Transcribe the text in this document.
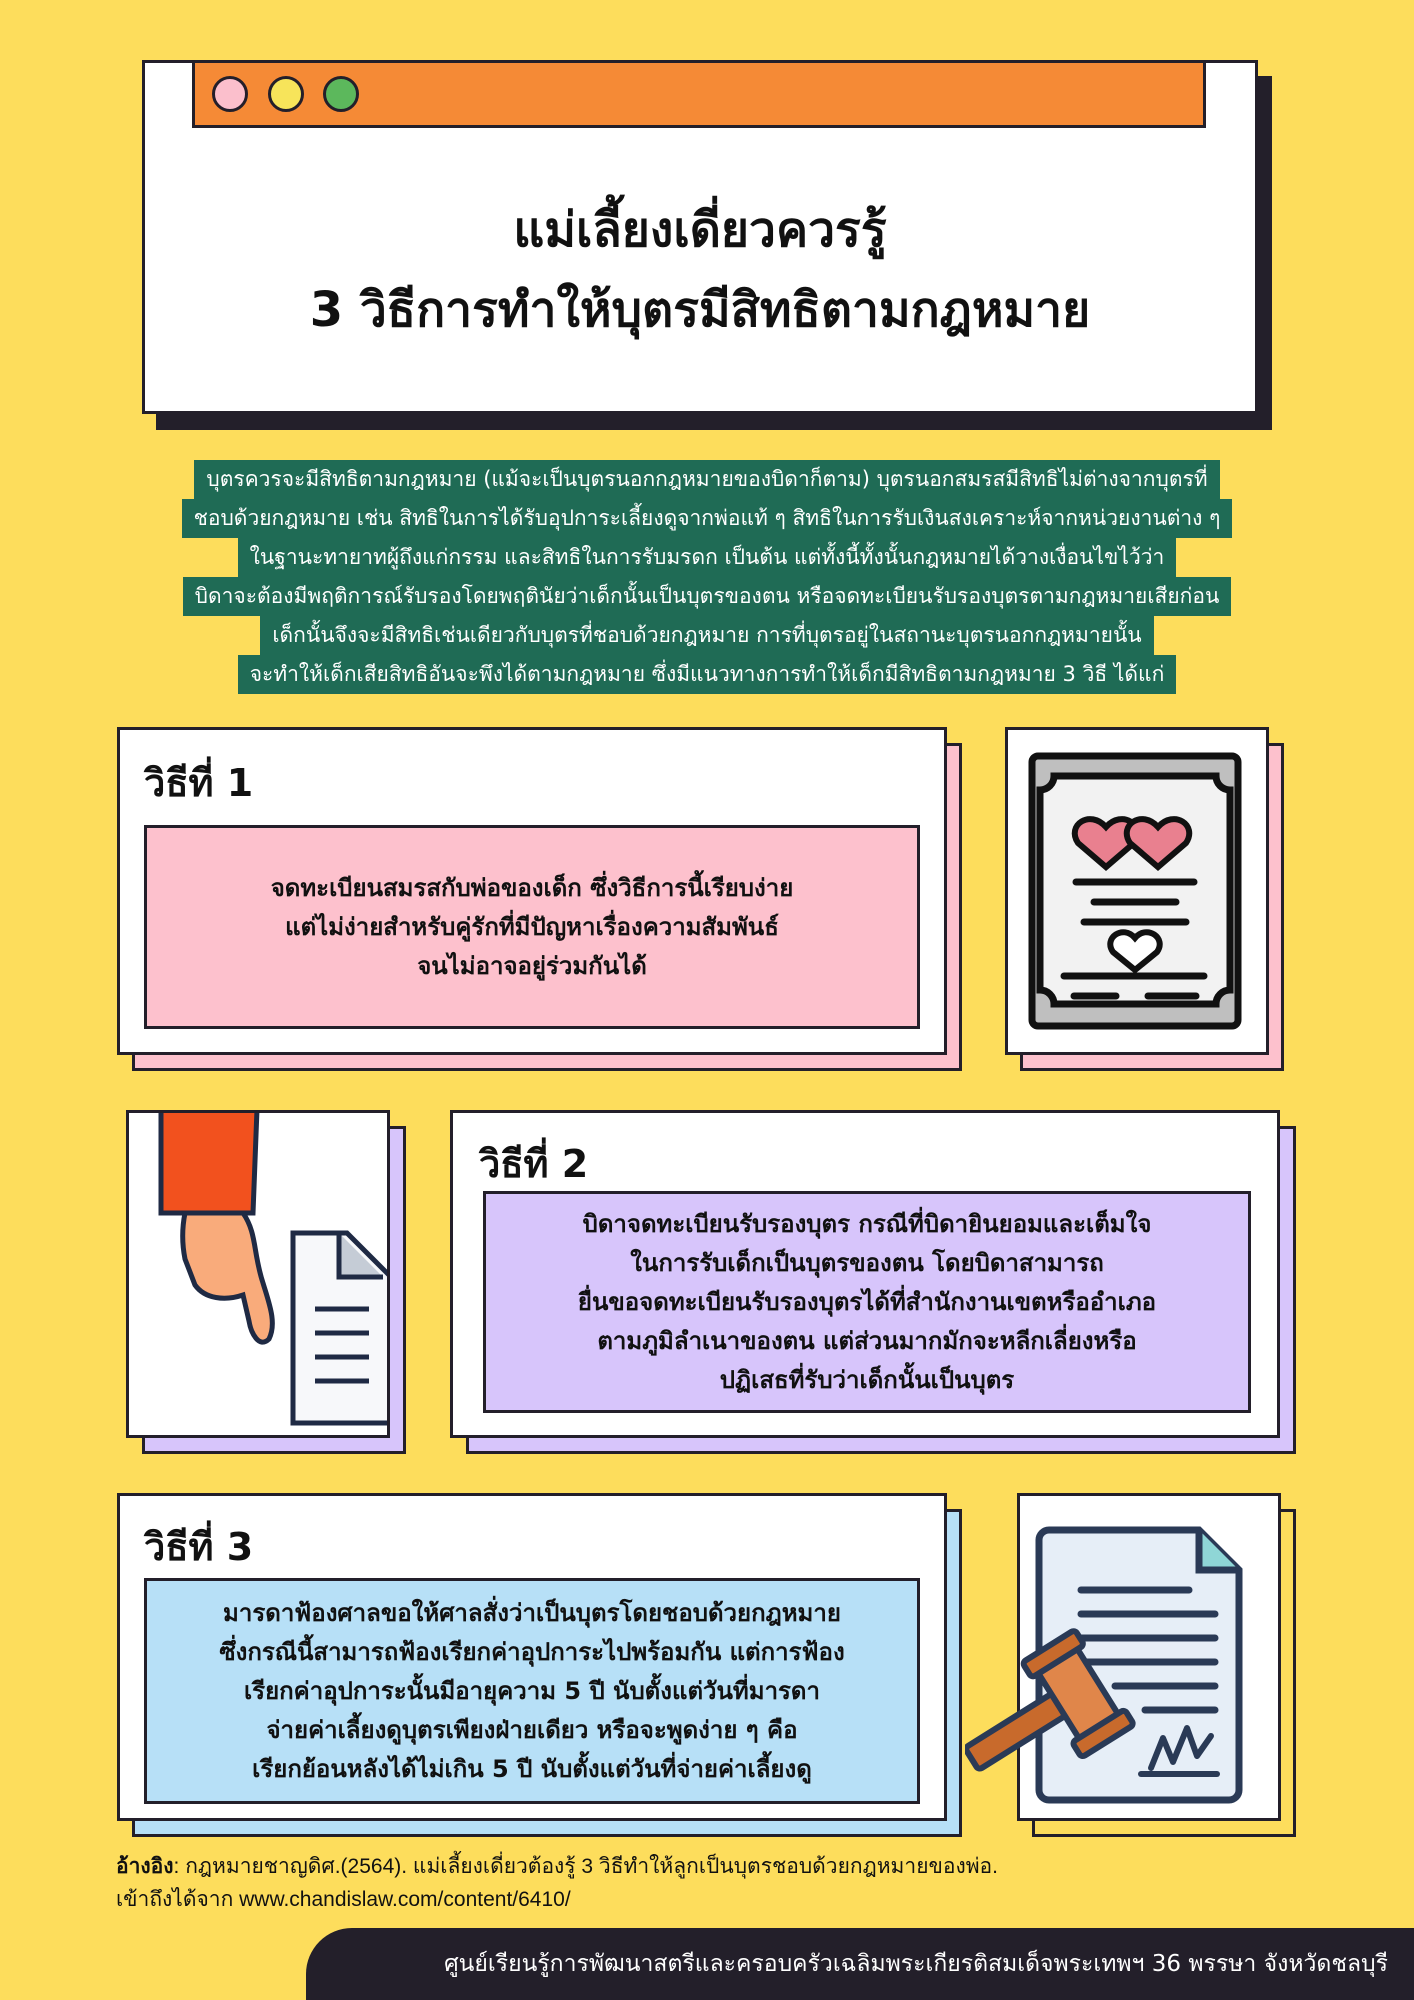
แม่เลี้ยงเดี่ยวควรรู้
3 วิธีการทำให้บุตรมีสิทธิตามกฎหมาย
บุตรควรจะมีสิทธิตามกฎหมาย (แม้จะเป็นบุตรนอกกฎหมายของบิดาก็ตาม) บุตรนอกสมรสมีสิทธิไม่ต่างจากบุตรที่
ชอบด้วยกฎหมาย เช่น สิทธิในการได้รับอุปการะเลี้ยงดูจากพ่อแท้ ๆ สิทธิในการรับเงินสงเคราะห์จากหน่วยงานต่าง ๆ
ในฐานะทายาทผู้ถึงแก่กรรม และสิทธิในการรับมรดก เป็นต้น แต่ทั้งนี้ทั้งนั้นกฎหมายได้วางเงื่อนไขไว้ว่า
บิดาจะต้องมีพฤติการณ์รับรองโดยพฤตินัยว่าเด็กนั้นเป็นบุตรของตน หรือจดทะเบียนรับรองบุตรตามกฎหมายเสียก่อน
เด็กนั้นจึงจะมีสิทธิเช่นเดียวกับบุตรที่ชอบด้วยกฎหมาย การที่บุตรอยู่ในสถานะบุตรนอกกฎหมายนั้น
จะทำให้เด็กเสียสิทธิอันจะพึงได้ตามกฎหมาย ซึ่งมีแนวทางการทำให้เด็กมีสิทธิตามกฎหมาย 3 วิธี ได้แก่
วิธีที่ 1
จดทะเบียนสมรสกับพ่อของเด็ก ซึ่งวิธีการนี้เรียบง่าย
แต่ไม่ง่ายสำหรับคู่รักที่มีปัญหาเรื่องความสัมพันธ์
จนไม่อาจอยู่ร่วมกันได้
วิธีที่ 2
บิดาจดทะเบียนรับรองบุตร กรณีที่บิดายินยอมและเต็มใจ
ในการรับเด็กเป็นบุตรของตน โดยบิดาสามารถ
ยื่นขอจดทะเบียนรับรองบุตรได้ที่สำนักงานเขตหรืออำเภอ
ตามภูมิลำเนาของตน แต่ส่วนมากมักจะหลีกเลี่ยงหรือ
ปฏิเสธที่รับว่าเด็กนั้นเป็นบุตร
วิธีที่ 3
มารดาฟ้องศาลขอให้ศาลสั่งว่าเป็นบุตรโดยชอบด้วยกฎหมาย
ซึ่งกรณีนี้สามารถฟ้องเรียกค่าอุปการะไปพร้อมกัน แต่การฟ้อง
เรียกค่าอุปการะนั้นมีอายุความ 5 ปี นับตั้งแต่วันที่มารดา
จ่ายค่าเลี้ยงดูบุตรเพียงฝ่ายเดียว หรือจะพูดง่าย ๆ คือ
เรียกย้อนหลังได้ไม่เกิน 5 ปี นับตั้งแต่วันที่จ่ายค่าเลี้ยงดู
อ้างอิง: กฎหมายชาญดิศ.(2564). แม่เลี้ยงเดี่ยวต้องรู้ 3 วิธีทำให้ลูกเป็นบุตรชอบด้วยกฎหมายของพ่อ.
เข้าถึงได้จาก www.chandislaw.com/content/6410/
ศูนย์เรียนรู้การพัฒนาสตรีและครอบครัวเฉลิมพระเกียรติสมเด็จพระเทพฯ 36 พรรษา จังหวัดชลบุรี
